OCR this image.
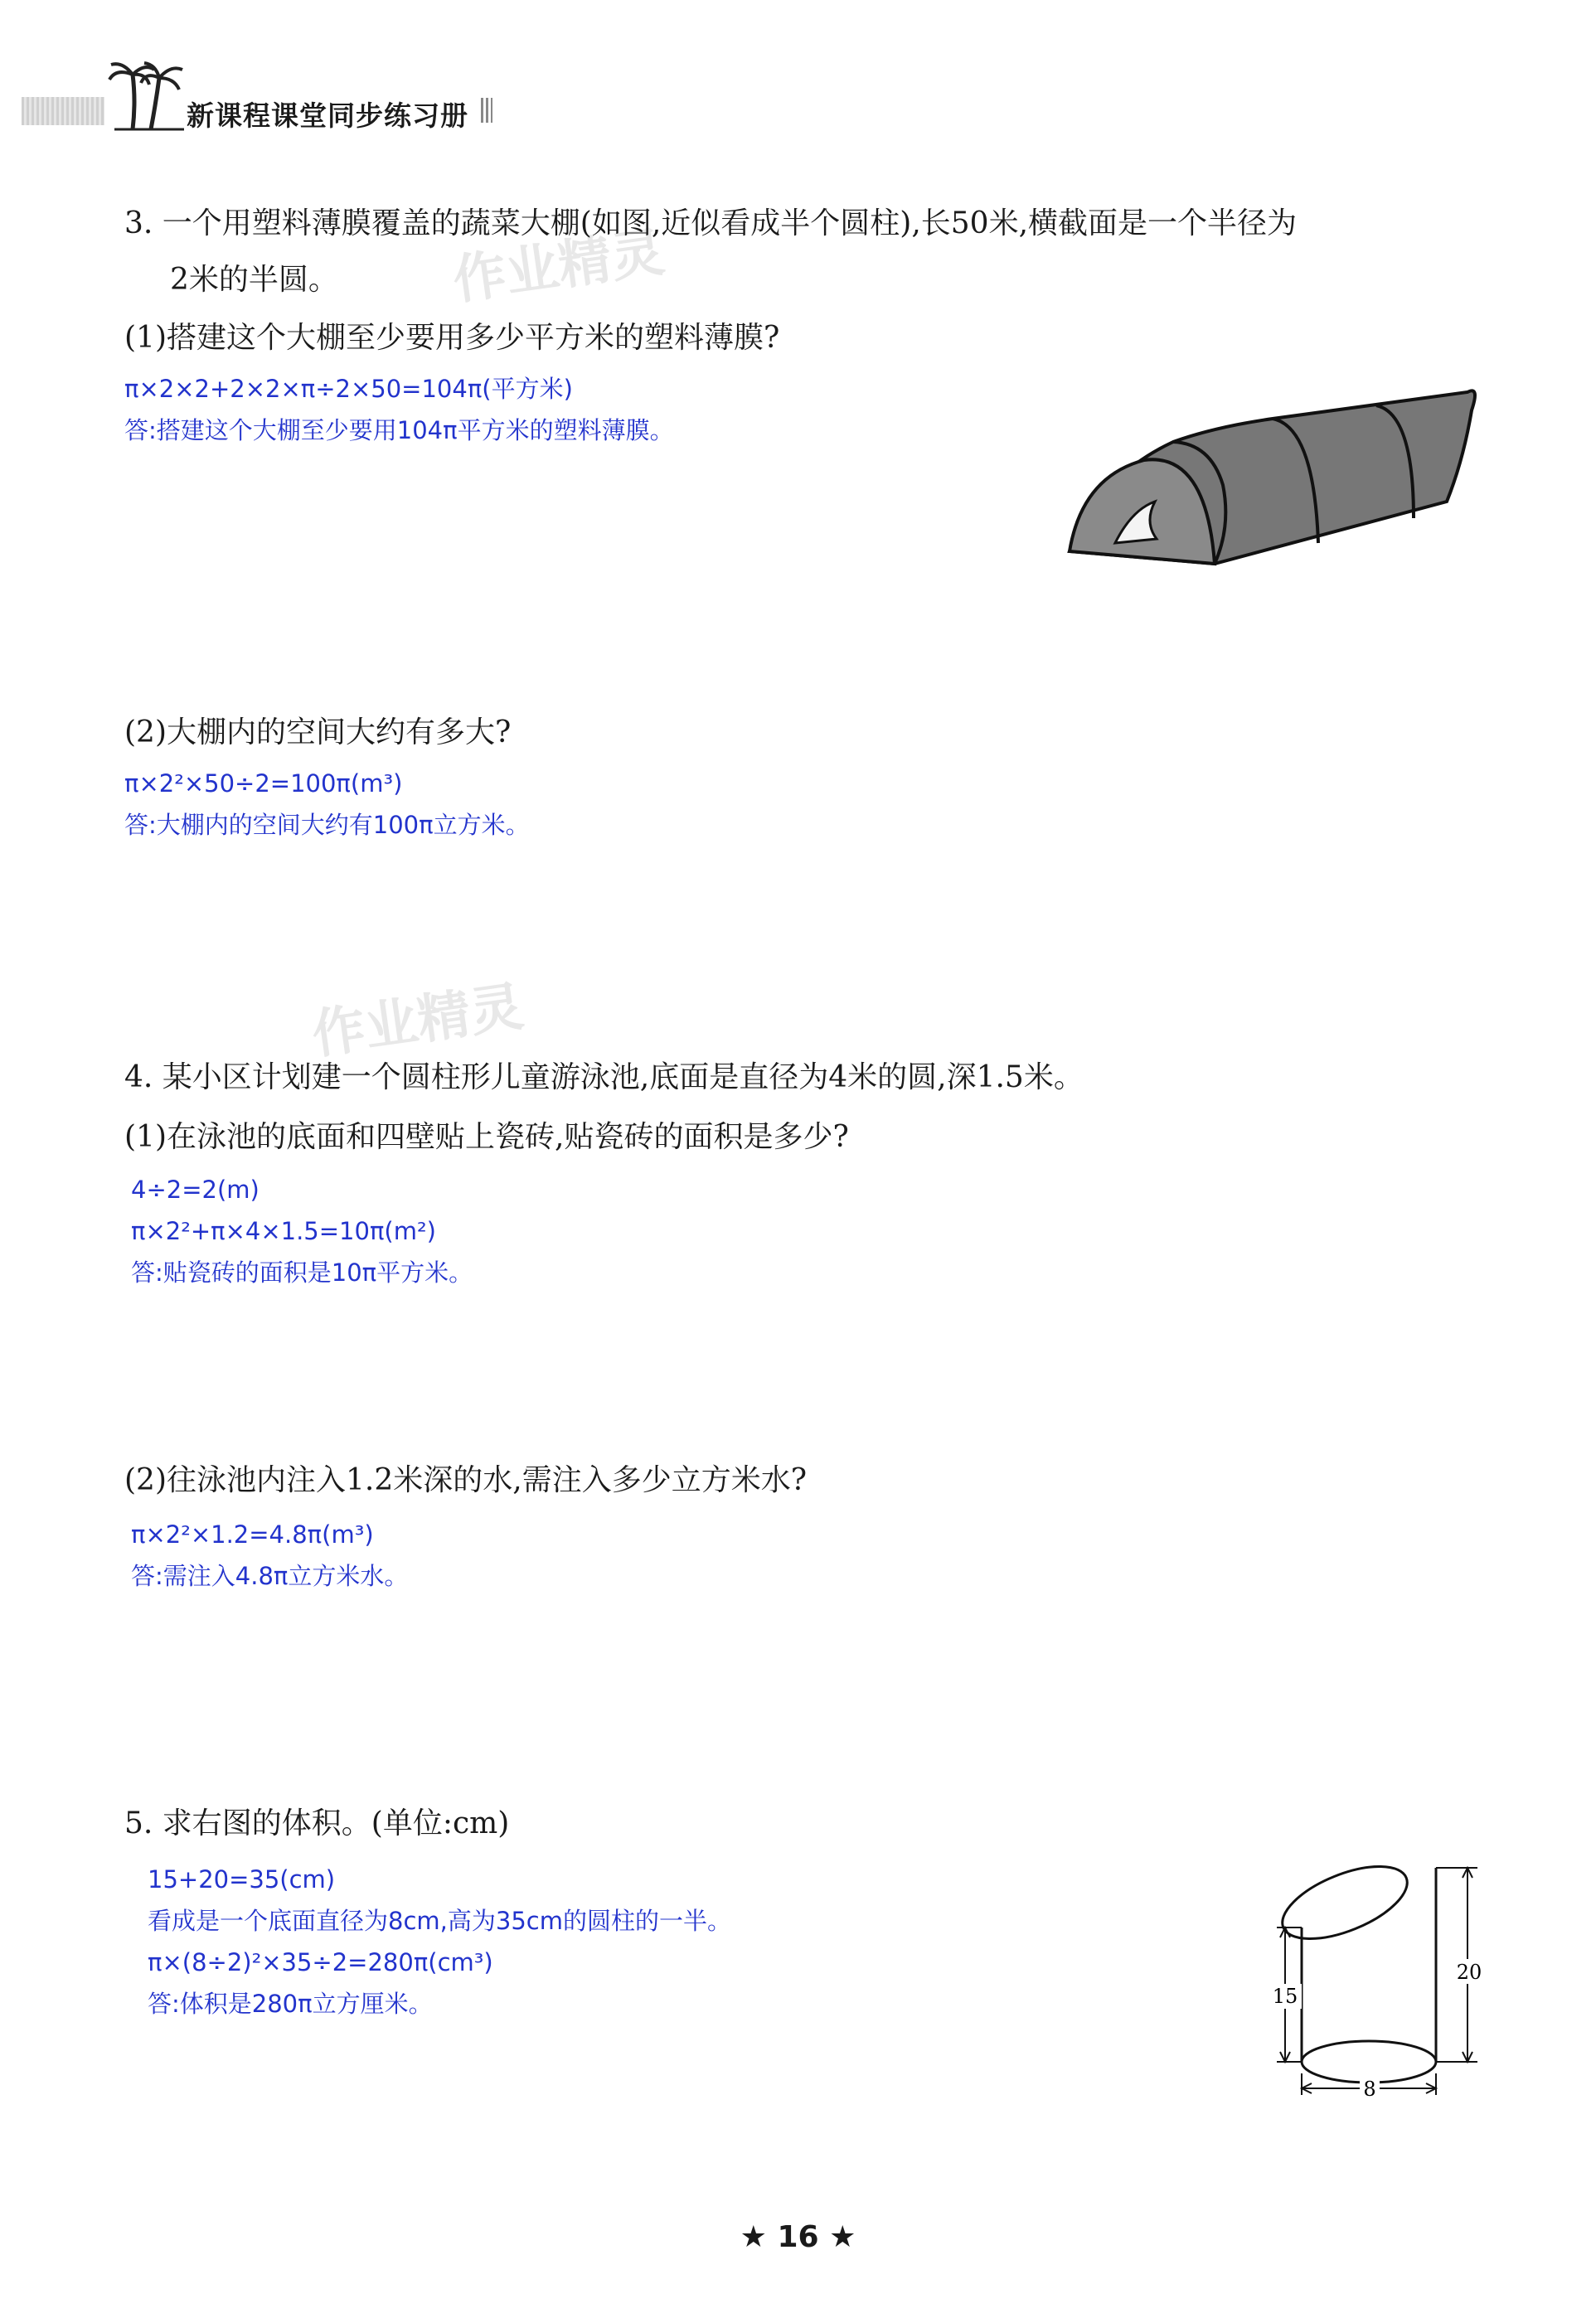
新课程课堂同步练习册
作业精灵
作业精灵
3. 一个用塑料薄膜覆盖的蔬菜大棚(如图,近似看成半个圆柱),长50米,横截面是一个半径为
2米的半圆。
(1)搭建这个大棚至少要用多少平方米的塑料薄膜?
π×2×2+2×2×π÷2×50=104π(平方米)
答:搭建这个大棚至少要用104π平方米的塑料薄膜。
(2)大棚内的空间大约有多大?
π×2²×50÷2=100π(m³)
答:大棚内的空间大约有100π立方米。
4. 某小区计划建一个圆柱形儿童游泳池,底面是直径为4米的圆,深1.5米。
(1)在泳池的底面和四壁贴上瓷砖,贴瓷砖的面积是多少?
4÷2=2(m)
π×2²+π×4×1.5=10π(m²)
答:贴瓷砖的面积是10π平方米。
(2)往泳池内注入1.2米深的水,需注入多少立方米水?
π×2²×1.2=4.8π(m³)
答:需注入4.8π立方米水。
5. 求右图的体积。(单位:cm)
15+20=35(cm)
看成是一个底面直径为8cm,高为35cm的圆柱的一半。
π×(8÷2)²×35÷2=280π(cm³)
答:体积是280π立方厘米。	15
20
8
★ 16 ★
